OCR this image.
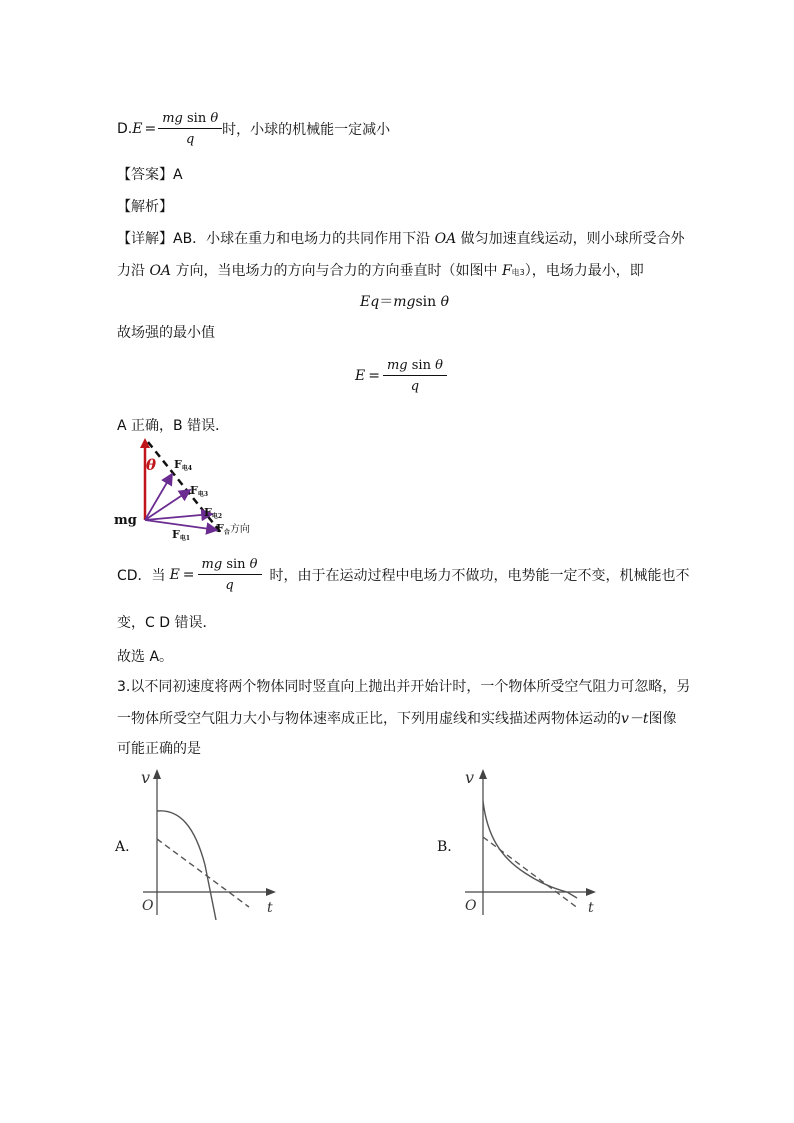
D. $E = \frac{\text{mg sin θ}}{q}$ 时，小球的机械能一定减小
【答案】A
【解析】
【详解】AB．小球在重力和电场力的共同作用下沿 OA 做匀加速直线运动，则小球所受合外
力沿 OA 方向，当电场力的方向与合力的方向垂直时（如图中 F电3），电场力最小，即
Eq＝mgsin θ
故场强的最小值
$E = \frac{\text{mg sin θ}}{q}$
A 正确，B 错误．
θ
mg
F电4
F电3
F电2
F电1
F合方向
CD．当 $E = \frac{\text{mg sin θ}}{q}$ 时，由于在运动过程中电场力不做功，电势能一定不变，机械能也不
变，C D 错误．
故选 A。
3.以不同初速度将两个物体同时竖直向上抛出并开始计时，一个物体所受空气阻力可忽略，另
一物体所受空气阻力大小与物体速率成正比，下列用虚线和实线描述两物体运动的v－t图像
可能正确的是
A.
v
t
O
B.
v
t
O
